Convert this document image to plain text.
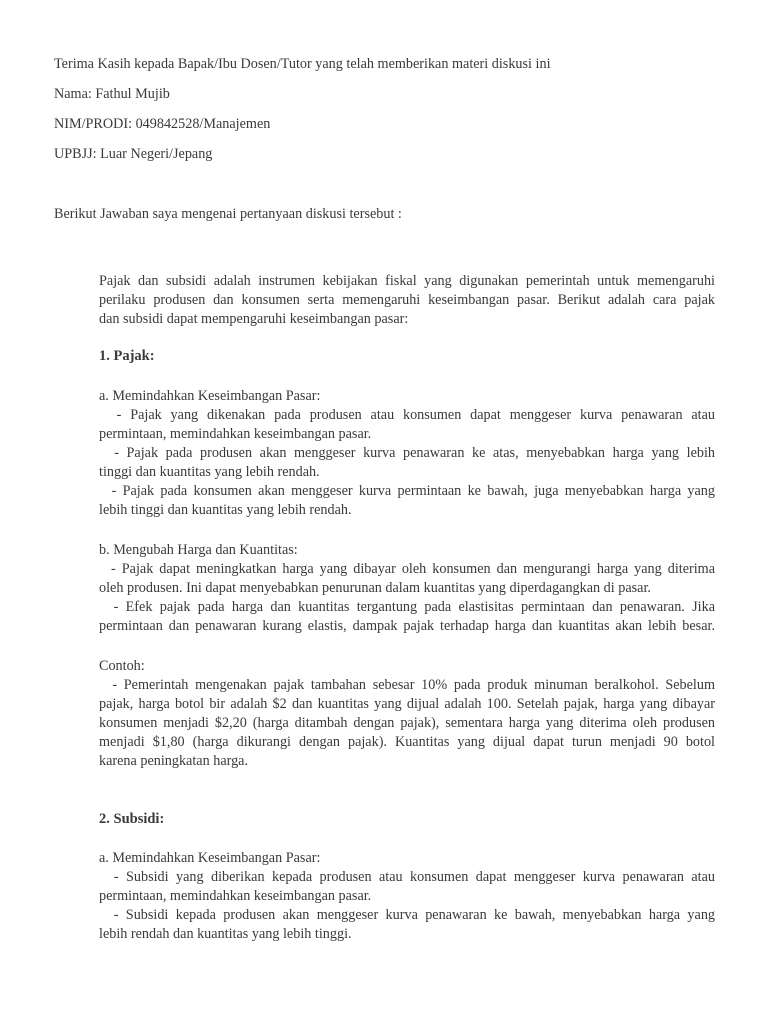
Terima Kasih kepada Bapak/Ibu Dosen/Tutor yang telah memberikan materi diskusi ini

Nama: Fathul Mujib

NIM/PRODI: 049842528/Manajemen

UPBJJ: Luar Negeri/Jepang

Berikut Jawaban saya mengenai pertanyaan diskusi tersebut :

Pajak dan subsidi adalah instrumen kebijakan fiskal yang digunakan pemerintah untuk memengaruhi
perilaku produsen dan konsumen serta memengaruhi keseimbangan pasar. Berikut adalah cara pajak
dan subsidi dapat mempengaruhi keseimbangan pasar:

1. Pajak:

a. Memindahkan Keseimbangan Pasar:
- Pajak yang dikenakan pada produsen atau konsumen dapat menggeser kurva penawaran atau
permintaan, memindahkan keseimbangan pasar.
- Pajak pada produsen akan menggeser kurva penawaran ke atas, menyebabkan harga yang lebih
tinggi dan kuantitas yang lebih rendah.
- Pajak pada konsumen akan menggeser kurva permintaan ke bawah, juga menyebabkan harga yang
lebih tinggi dan kuantitas yang lebih rendah.
b. Mengubah Harga dan Kuantitas:
- Pajak dapat meningkatkan harga yang dibayar oleh konsumen dan mengurangi harga yang diterima
oleh produsen. Ini dapat menyebabkan penurunan dalam kuantitas yang diperdagangkan di pasar.
- Efek pajak pada harga dan kuantitas tergantung pada elastisitas permintaan dan penawaran. Jika
permintaan dan penawaran kurang elastis, dampak pajak terhadap harga dan kuantitas akan lebih besar.
Contoh:
- Pemerintah mengenakan pajak tambahan sebesar 10% pada produk minuman beralkohol. Sebelum
pajak, harga botol bir adalah $2 dan kuantitas yang dijual adalah 100. Setelah pajak, harga yang dibayar
konsumen menjadi $2,20 (harga ditambah dengan pajak), sementara harga yang diterima oleh produsen
menjadi $1,80 (harga dikurangi dengan pajak). Kuantitas yang dijual dapat turun menjadi 90 botol
karena peningkatan harga.

2. Subsidi:

a. Memindahkan Keseimbangan Pasar:
- Subsidi yang diberikan kepada produsen atau konsumen dapat menggeser kurva penawaran atau
permintaan, memindahkan keseimbangan pasar.
- Subsidi kepada produsen akan menggeser kurva penawaran ke bawah, menyebabkan harga yang
lebih rendah dan kuantitas yang lebih tinggi.
